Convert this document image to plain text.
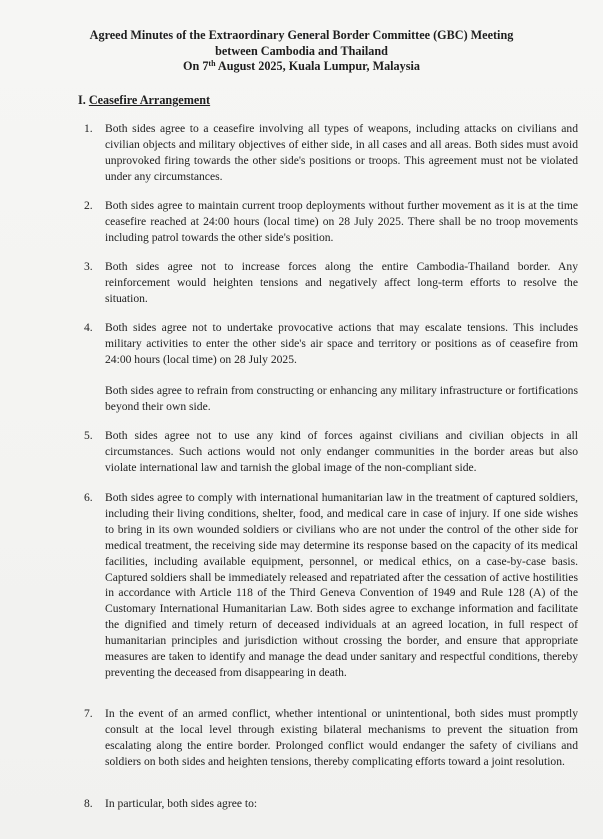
Agreed Minutes of the Extraordinary General Border Committee (GBC) Meeting
between Cambodia and Thailand
On 7th August 2025, Kuala Lumpur, Malaysia
I. Ceasefire Arrangement
1.	Both sides agree to a ceasefire involving all types of weapons, including attacks on civilians and civilian objects and military objectives of either side, in all cases and all areas. Both sides must avoid unprovoked firing towards the other side's positions or troops. This agreement must not be violated under any circumstances.
2.	Both sides agree to maintain current troop deployments without further movement as it is at the time ceasefire reached at 24:00 hours (local time) on 28 July 2025. There shall be no troop movements including patrol towards the other side's position.
3.	Both sides agree not to increase forces along the entire Cambodia-Thailand border. Any reinforcement would heighten tensions and negatively affect long-term efforts to resolve the situation.
4.	Both sides agree not to undertake provocative actions that may escalate tensions. This includes military activities to enter the other side's air space and territory or positions as of ceasefire from 24:00 hours (local time) on 28 July 2025.
Both sides agree to refrain from constructing or enhancing any military infrastructure or fortifications beyond their own side.
5.	Both sides agree not to use any kind of forces against civilians and civilian objects in all circumstances. Such actions would not only endanger communities in the border areas but also violate international law and tarnish the global image of the non-compliant side.
6.	Both sides agree to comply with international humanitarian law in the treatment of captured soldiers, including their living conditions, shelter, food, and medical care in case of injury. If one side wishes to bring in its own wounded soldiers or civilians who are not under the control of the other side for medical treatment, the receiving side may determine its response based on the capacity of its medical facilities, including available equipment, personnel, or medical ethics, on a case-by-case basis. Captured soldiers shall be immediately released and repatriated after the cessation of active hostilities in accordance with Article 118 of the Third Geneva Convention of 1949 and Rule 128 (A) of the Customary International Humanitarian Law. Both sides agree to exchange information and facilitate the dignified and timely return of deceased individuals at an agreed location, in full respect of humanitarian principles and jurisdiction without crossing the border, and ensure that appropriate measures are taken to identify and manage the dead under sanitary and respectful conditions, thereby preventing the deceased from disappearing in death.
7.	In the event of an armed conflict, whether intentional or unintentional, both sides must promptly consult at the local level through existing bilateral mechanisms to prevent the situation from escalating along the entire border. Prolonged conflict would endanger the safety of civilians and soldiers on both sides and heighten tensions, thereby complicating efforts toward a joint resolution.
8.	In particular, both sides agree to:
